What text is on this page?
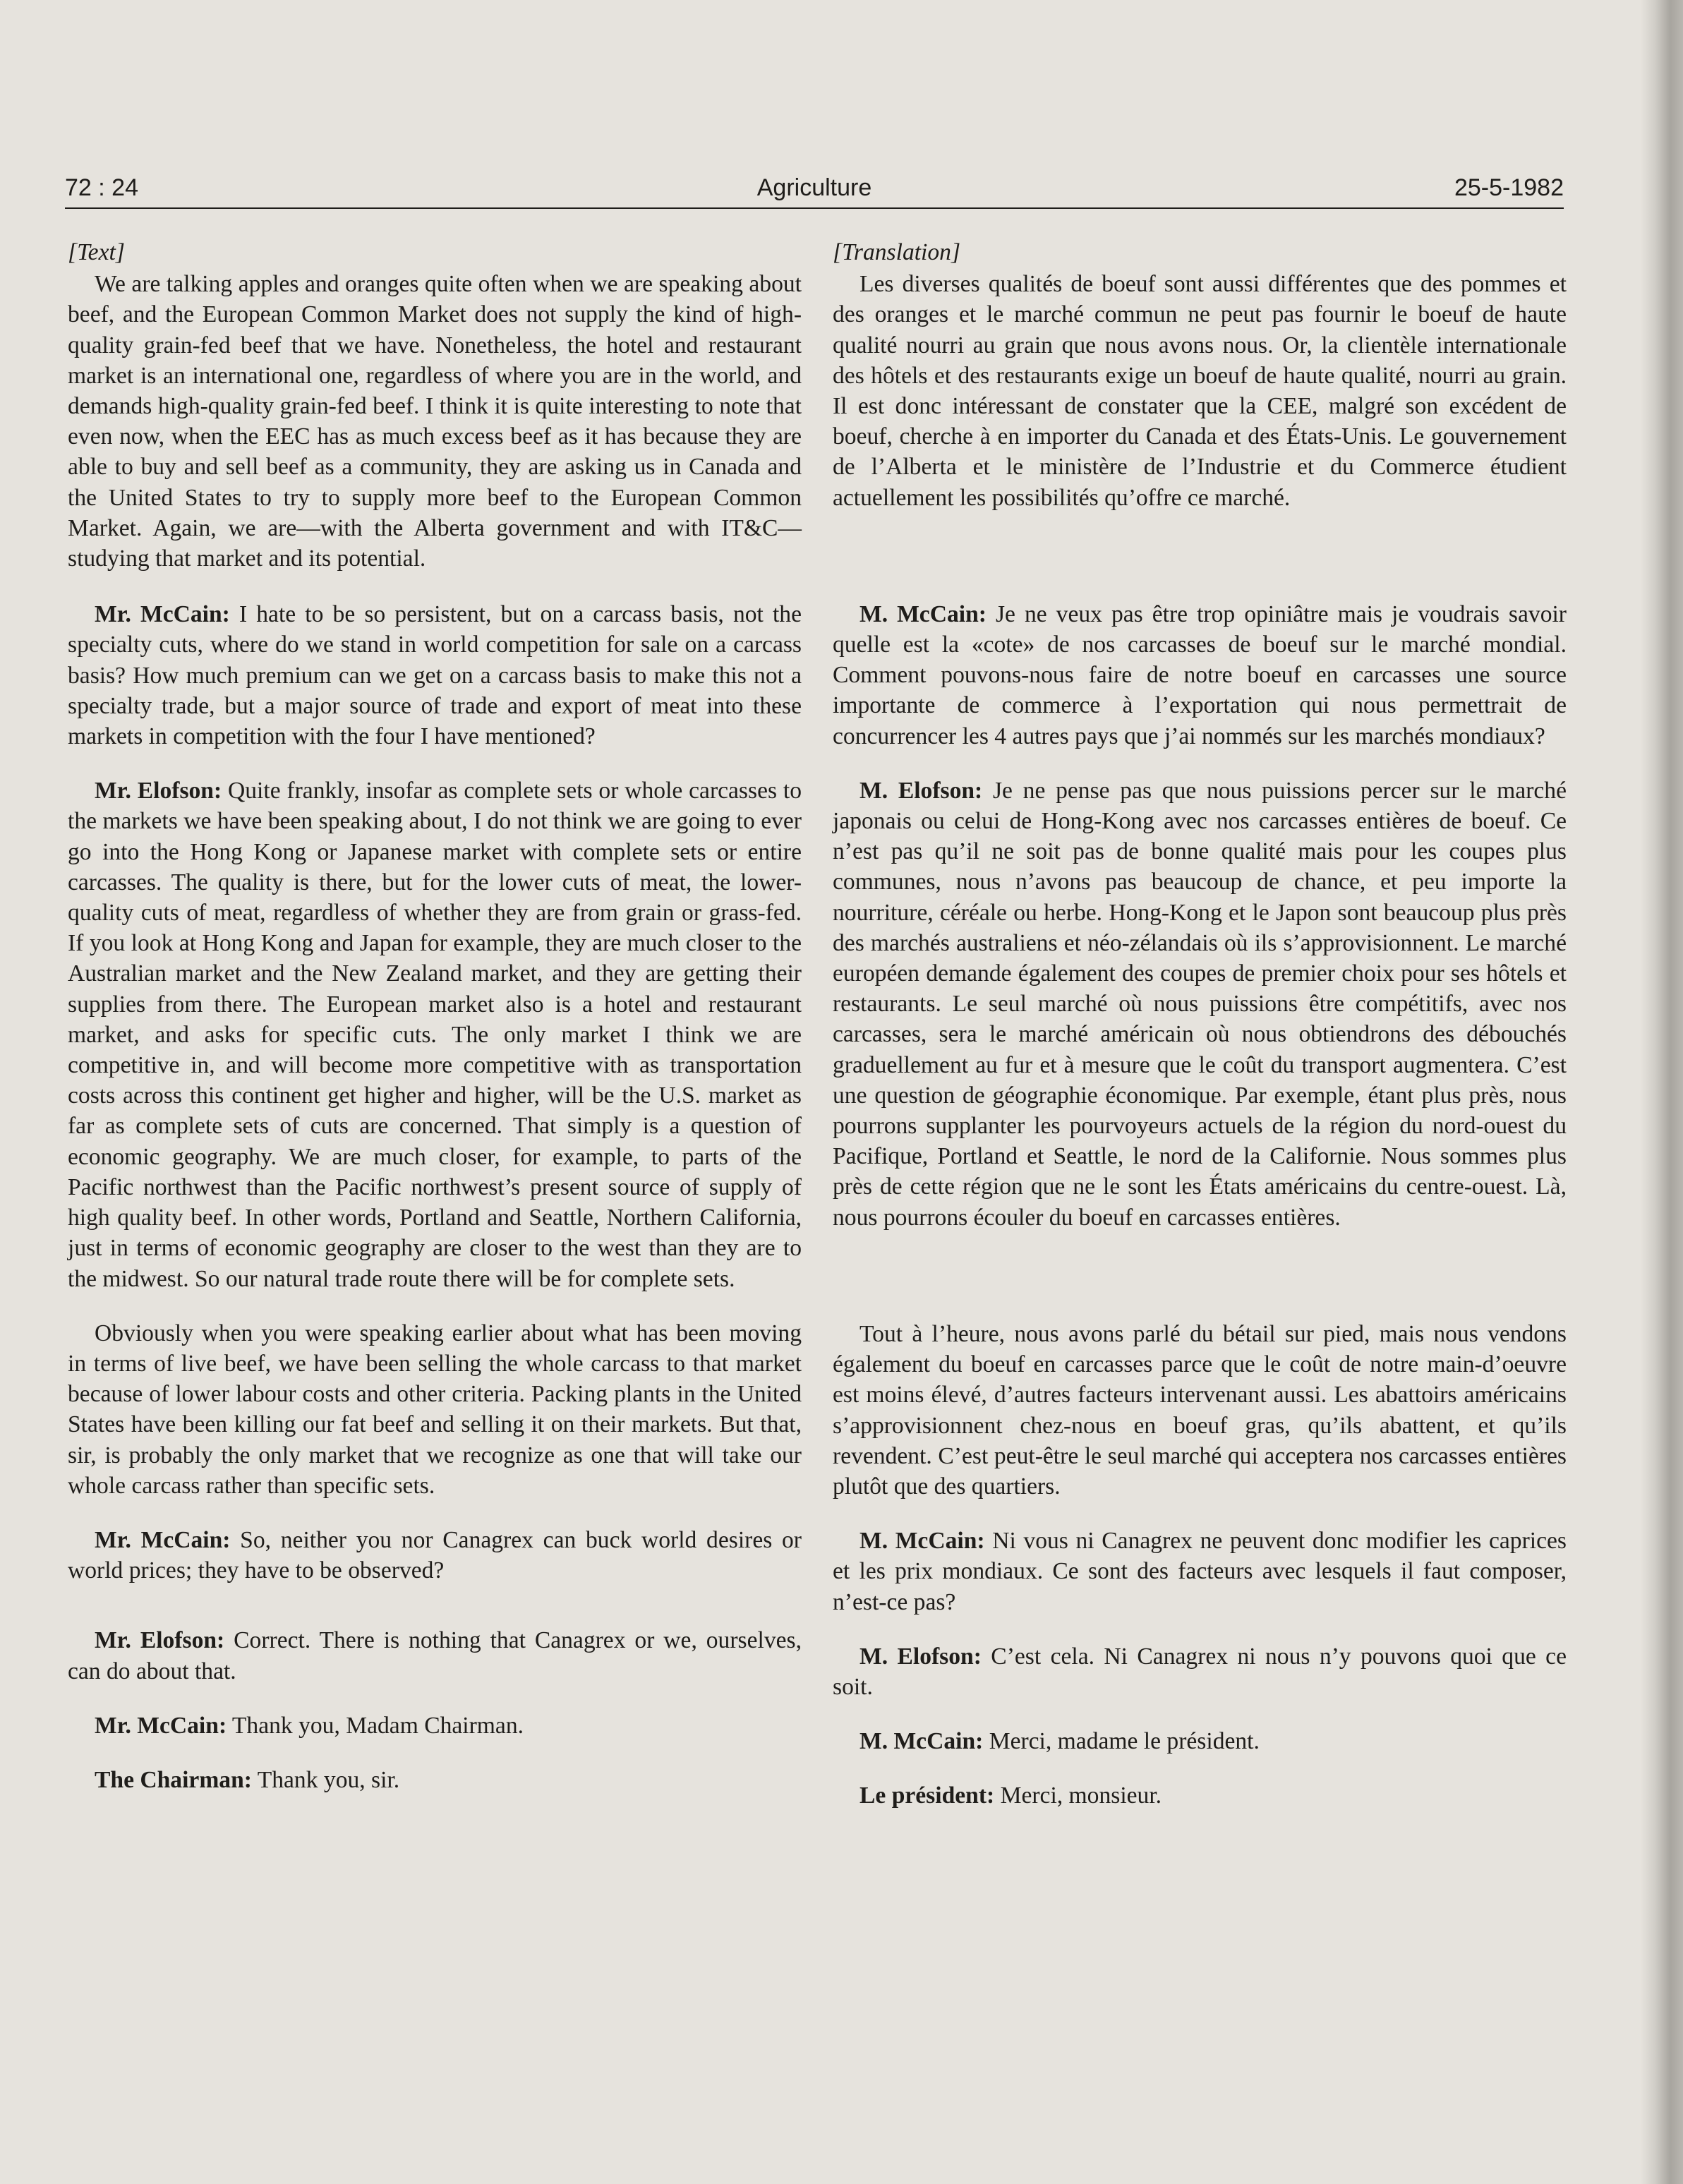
72 : 24	Agriculture	25-5-1982
[Text]

We are talking apples and oranges quite often when we are speaking about beef, and the European Common Market does not supply the kind of high-quality grain-fed beef that we have. Nonetheless, the hotel and restaurant market is an international one, regardless of where you are in the world, and demands high-quality grain-fed beef. I think it is quite interesting to note that even now, when the EEC has as much excess beef as it has because they are able to buy and sell beef as a community, they are asking us in Canada and the United States to try to supply more beef to the European Common Market. Again, we are—with the Alberta government and with IT&C—studying that market and its potential.

Mr. McCain: I hate to be so persistent, but on a carcass basis, not the specialty cuts, where do we stand in world competition for sale on a carcass basis? How much premium can we get on a carcass basis to make this not a specialty trade, but a major source of trade and export of meat into these markets in competition with the four I have mentioned?

Mr. Elofson: Quite frankly, insofar as complete sets or whole carcasses to the markets we have been speaking about, I do not think we are going to ever go into the Hong Kong or Japanese market with complete sets or entire carcasses. The quality is there, but for the lower cuts of meat, the lower-quality cuts of meat, regardless of whether they are from grain or grass-fed. If you look at Hong Kong and Japan for example, they are much closer to the Australian market and the New Zealand market, and they are getting their supplies from there. The European market also is a hotel and restaurant market, and asks for specific cuts. The only market I think we are competitive in, and will become more competitive with as transportation costs across this continent get higher and higher, will be the U.S. market as far as complete sets of cuts are concerned. That simply is a question of economic geography. We are much closer, for example, to parts of the Pacific northwest than the Pacific northwest’s present source of supply of high quality beef. In other words, Portland and Seattle, Northern California, just in terms of economic geography are closer to the west than they are to the midwest. So our natural trade route there will be for complete sets.

Obviously when you were speaking earlier about what has been moving in terms of live beef, we have been selling the whole carcass to that market because of lower labour costs and other criteria. Packing plants in the United States have been killing our fat beef and selling it on their markets. But that, sir, is probably the only market that we recognize as one that will take our whole carcass rather than specific sets.

Mr. McCain: So, neither you nor Canagrex can buck world desires or world prices; they have to be observed?

Mr. Elofson: Correct. There is nothing that Canagrex or we, ourselves, can do about that.

Mr. McCain: Thank you, Madam Chairman.

The Chairman: Thank you, sir.

[Translation]

Les diverses qualités de boeuf sont aussi différentes que des pommes et des oranges et le marché commun ne peut pas fournir le boeuf de haute qualité nourri au grain que nous avons nous. Or, la clientèle internationale des hôtels et des restaurants exige un boeuf de haute qualité, nourri au grain. Il est donc intéressant de constater que la CEE, malgré son excédent de boeuf, cherche à en importer du Canada et des États-Unis. Le gouvernement de l’Alberta et le ministère de l’Industrie et du Commerce étudient actuellement les possibilités qu’offre ce marché.

M. McCain: Je ne veux pas être trop opiniâtre mais je voudrais savoir quelle est la «cote» de nos carcasses de boeuf sur le marché mondial. Comment pouvons-nous faire de notre boeuf en carcasses une source importante de commerce à l’exportation qui nous permettrait de concurrencer les 4 autres pays que j’ai nommés sur les marchés mondiaux?

M. Elofson: Je ne pense pas que nous puissions percer sur le marché japonais ou celui de Hong-Kong avec nos carcasses entières de boeuf. Ce n’est pas qu’il ne soit pas de bonne qualité mais pour les coupes plus communes, nous n’avons pas beaucoup de chance, et peu importe la nourriture, céréale ou herbe. Hong-Kong et le Japon sont beaucoup plus près des marchés australiens et néo-zélandais où ils s’approvisionnent. Le marché européen demande également des coupes de premier choix pour ses hôtels et restaurants. Le seul marché où nous puissions être compétitifs, avec nos carcasses, sera le marché américain où nous obtiendrons des débouchés graduellement au fur et à mesure que le coût du transport augmentera. C’est une question de géographie économique. Par exemple, étant plus près, nous pourrons supplanter les pourvoyeurs actuels de la région du nord-ouest du Pacifique, Portland et Seattle, le nord de la Californie. Nous sommes plus près de cette région que ne le sont les États américains du centre-ouest. Là, nous pourrons écouler du boeuf en carcasses entières.

Tout à l’heure, nous avons parlé du bétail sur pied, mais nous vendons également du boeuf en carcasses parce que le coût de notre main-d’oeuvre est moins élevé, d’autres facteurs intervenant aussi. Les abattoirs américains s’approvisionnent chez-nous en boeuf gras, qu’ils abattent, et qu’ils revendent. C’est peut-être le seul marché qui acceptera nos carcasses entières plutôt que des quartiers.

M. McCain: Ni vous ni Canagrex ne peuvent donc modifier les caprices et les prix mondiaux. Ce sont des facteurs avec lesquels il faut composer, n’est-ce pas?

M. Elofson: C’est cela. Ni Canagrex ni nous n’y pouvons quoi que ce soit.

M. McCain: Merci, madame le président.

Le président: Merci, monsieur.
